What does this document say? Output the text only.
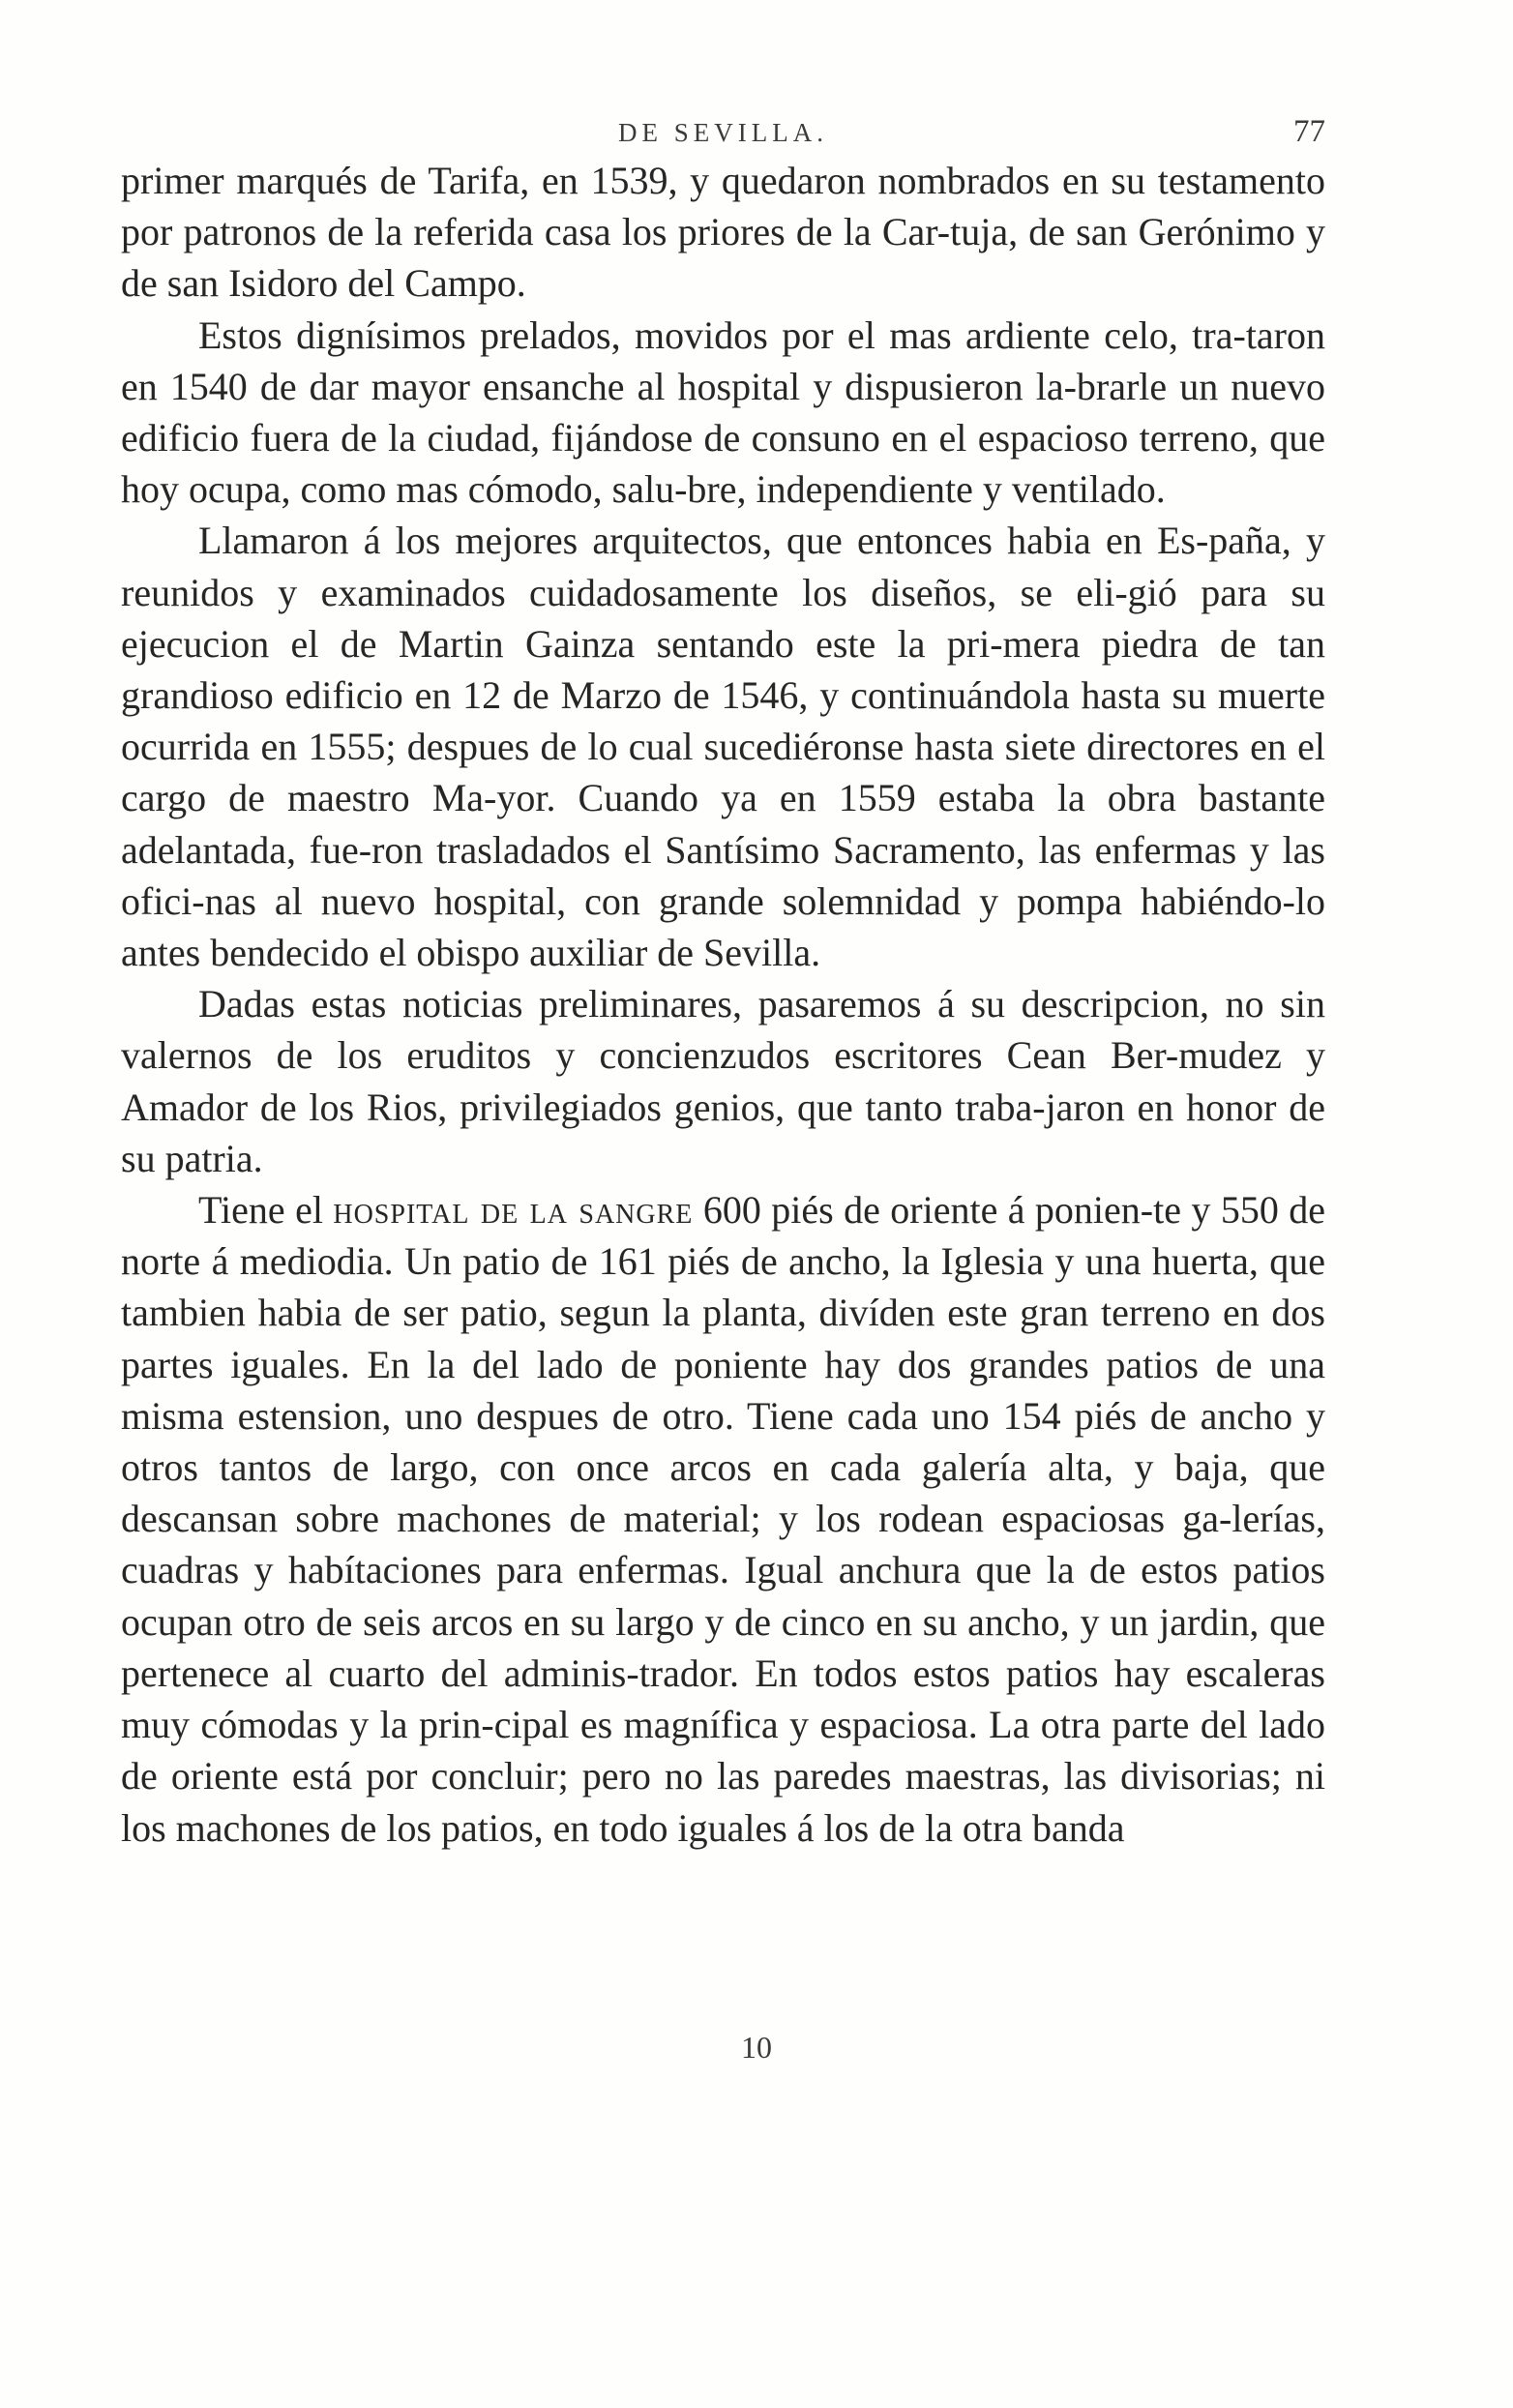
DE SEVILLA.	77

primer marqués de Tarifa, en 1539, y quedaron nombrados en su testamento por patronos de la referida casa los priores de la Car-tuja, de san Gerónimo y de san Isidoro del Campo.

Estos dignísimos prelados, movidos por el mas ardiente celo, tra-taron en 1540 de dar mayor ensanche al hospital y dispusieron la-brarle un nuevo edificio fuera de la ciudad, fijándose de consuno en el espacioso terreno, que hoy ocupa, como mas cómodo, salu-bre, independiente y ventilado.

Llamaron á los mejores arquitectos, que entonces habia en Es-paña, y reunidos y examinados cuidadosamente los diseños, se eli-gió para su ejecucion el de Martin Gainza sentando este la pri-mera piedra de tan grandioso edificio en 12 de Marzo de 1546, y continuándola hasta su muerte ocurrida en 1555; despues de lo cual sucediéronse hasta siete directores en el cargo de maestro Ma-yor. Cuando ya en 1559 estaba la obra bastante adelantada, fue-ron trasladados el Santísimo Sacramento, las enfermas y las ofici-nas al nuevo hospital, con grande solemnidad y pompa habiéndo-lo antes bendecido el obispo auxiliar de Sevilla.

Dadas estas noticias preliminares, pasaremos á su descripcion, no sin valernos de los eruditos y concienzudos escritores Cean Ber-mudez y Amador de los Rios, privilegiados genios, que tanto traba-jaron en honor de su patria.

Tiene el hospital de la sangre 600 piés de oriente á ponien-te y 550 de norte á mediodia. Un patio de 161 piés de ancho, la Iglesia y una huerta, que tambien habia de ser patio, segun la planta, divíden este gran terreno en dos partes iguales. En la del lado de poniente hay dos grandes patios de una misma estension, uno despues de otro. Tiene cada uno 154 piés de ancho y otros tantos de largo, con once arcos en cada galería alta, y baja, que descansan sobre machones de material; y los rodean espaciosas ga-lerías, cuadras y habítaciones para enfermas. Igual anchura que la de estos patios ocupan otro de seis arcos en su largo y de cinco en su ancho, y un jardin, que pertenece al cuarto del adminis-trador. En todos estos patios hay escaleras muy cómodas y la prin-cipal es magnífica y espaciosa. La otra parte del lado de oriente está por concluir; pero no las paredes maestras, las divisorias; ni los machones de los patios, en todo iguales á los de la otra banda

10
